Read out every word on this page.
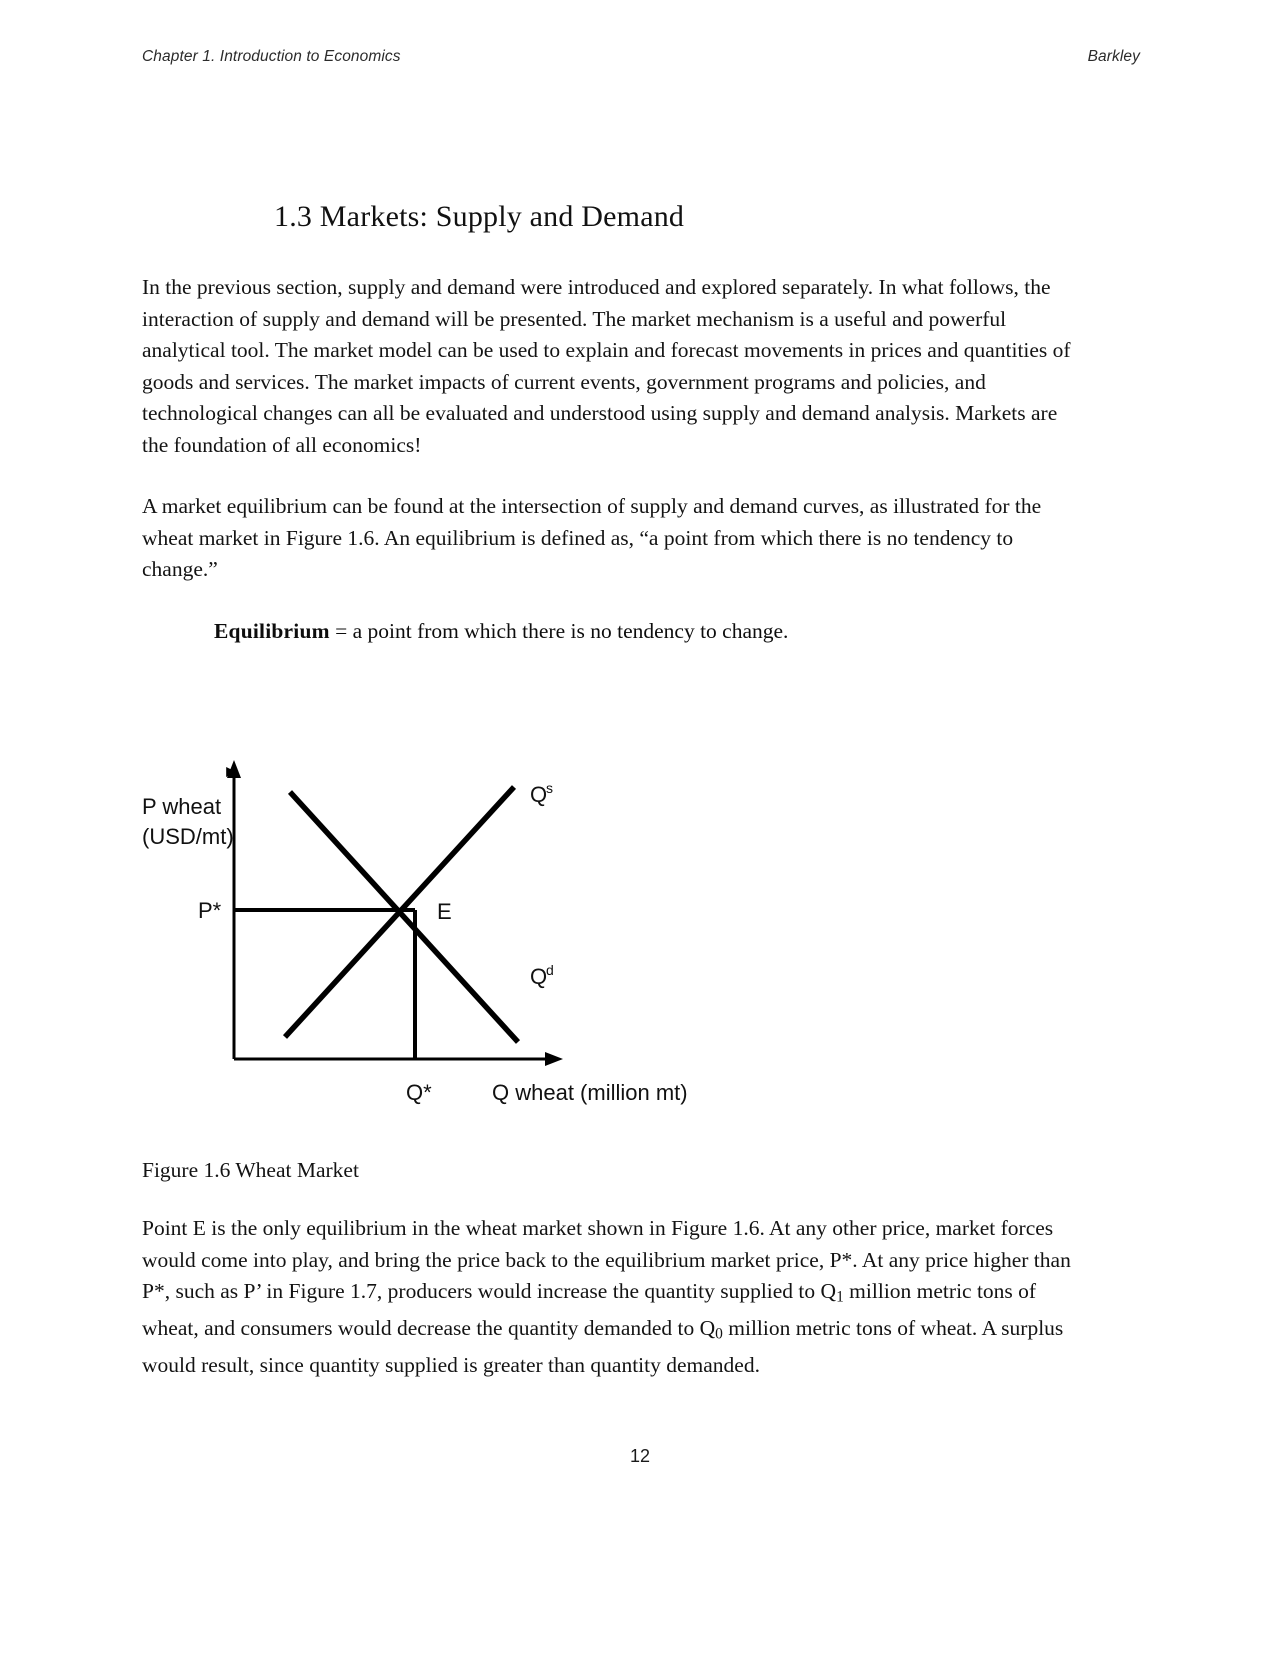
Chapter 1. Introduction to Economics	Barkley
1.3 Markets: Supply and Demand

In the previous section, supply and demand were introduced and explored separately. In what follows, the interaction of supply and demand will be presented. The market mechanism is a useful and powerful analytical tool. The market model can be used to explain and forecast movements in prices and quantities of goods and services. The market impacts of current events, government programs and policies, and technological changes can all be evaluated and understood using supply and demand analysis. Markets are the foundation of all economics!

A market equilibrium can be found at the intersection of supply and demand curves, as illustrated for the wheat market in Figure 1.6. An equilibrium is defined as, “a point from which there is no tendency to change.”

Equilibrium = a point from which there is no tendency to change.

P wheat
(USD/mt)
P*	E
Q*	Q wheat (million mt)
Q
s
Q
d
Figure 1.6 Wheat Market

Point E is the only equilibrium in the wheat market shown in Figure 1.6. At any other price, market forces would come into play, and bring the price back to the equilibrium market price, P*. At any price higher than P*, such as P’ in Figure 1.7, producers would increase the quantity supplied to Q1 million metric tons of wheat, and consumers would decrease the quantity demanded to Q0 million metric tons of wheat. A surplus would result, since quantity supplied is greater than quantity demanded.

12
